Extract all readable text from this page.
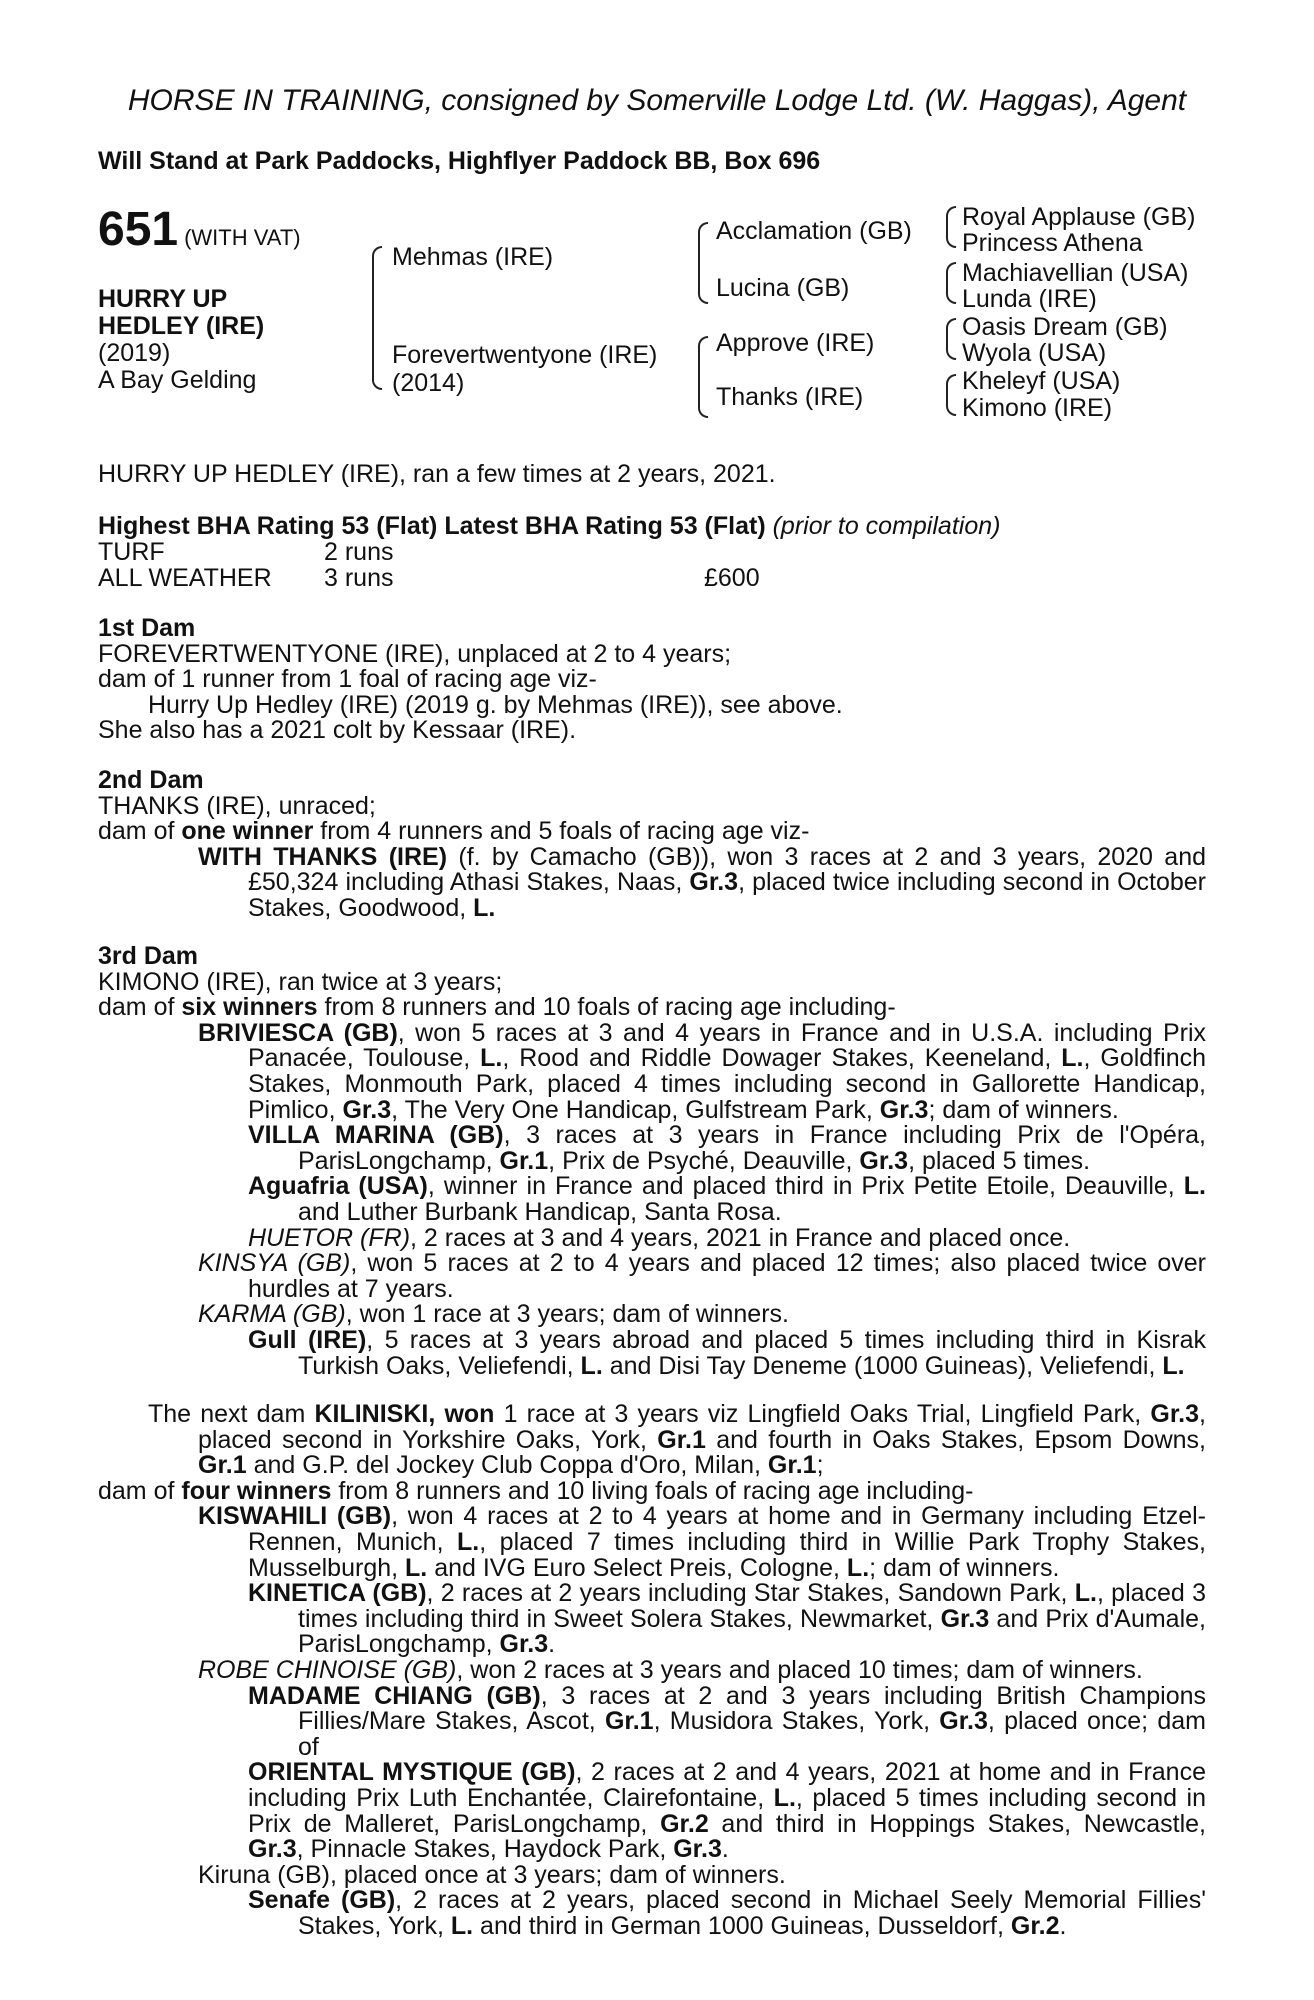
HORSE IN TRAINING, consigned by Somerville Lodge Ltd. (W. Haggas), Agent
Will Stand at Park Paddocks, Highflyer Paddock BB, Box 696
651 (WITH VAT)
HURRY UP
HEDLEY (IRE)
(2019)
A Bay Gelding
Mehmas (IRE)
Forevertwentyone (IRE)
(2014)
Acclamation (GB)
Lucina (GB)
Approve (IRE)
Thanks (IRE)
Royal Applause (GB)
Princess Athena
Machiavellian (USA)
Lunda (IRE)
Oasis Dream (GB)
Wyola (USA)
Kheleyf (USA)
Kimono (IRE)
HURRY UP HEDLEY (IRE), ran a few times at 2 years, 2021.
Highest BHA Rating 53 (Flat) Latest BHA Rating 53 (Flat) (prior to compilation)
TURF	2 runs
ALL WEATHER 3 runs	£600
1st Dam
FOREVERTWENTYONE (IRE), unplaced at 2 to 4 years;
dam of 1 runner from 1 foal of racing age viz-
Hurry Up Hedley (IRE) (2019 g. by Mehmas (IRE)), see above.
She also has a 2021 colt by Kessaar (IRE).
2nd Dam
THANKS (IRE), unraced;
dam of one winner from 4 runners and 5 foals of racing age viz-
WITH THANKS (IRE) (f. by Camacho (GB)), won 3 races at 2 and 3 years, 2020 and £50,324 including Athasi Stakes, Naas, Gr.3, placed twice including second in October Stakes, Goodwood, L.
3rd Dam
KIMONO (IRE), ran twice at 3 years;
dam of six winners from 8 runners and 10 foals of racing age including-
BRIVIESCA (GB), won 5 races at 3 and 4 years in France and in U.S.A. including Prix Panacée, Toulouse, L., Rood and Riddle Dowager Stakes, Keeneland, L., Goldfinch Stakes, Monmouth Park, placed 4 times including second in Gallorette Handicap, Pimlico, Gr.3, The Very One Handicap, Gulfstream Park, Gr.3; dam of winners.
VILLA MARINA (GB), 3 races at 3 years in France including Prix de l'Opéra, ParisLongchamp, Gr.1, Prix de Psyché, Deauville, Gr.3, placed 5 times.
Aguafria (USA), winner in France and placed third in Prix Petite Etoile, Deauville, L. and Luther Burbank Handicap, Santa Rosa.
HUETOR (FR), 2 races at 3 and 4 years, 2021 in France and placed once.
KINSYA (GB), won 5 races at 2 to 4 years and placed 12 times; also placed twice over hurdles at 7 years.
KARMA (GB), won 1 race at 3 years; dam of winners.
Gull (IRE), 5 races at 3 years abroad and placed 5 times including third in Kisrak Turkish Oaks, Veliefendi, L. and Disi Tay Deneme (1000 Guineas), Veliefendi, L.
The next dam KILINISKI, won 1 race at 3 years viz Lingfield Oaks Trial, Lingfield Park, Gr.3, placed second in Yorkshire Oaks, York, Gr.1 and fourth in Oaks Stakes, Epsom Downs, Gr.1 and G.P. del Jockey Club Coppa d'Oro, Milan, Gr.1;
dam of four winners from 8 runners and 10 living foals of racing age including-
KISWAHILI (GB), won 4 races at 2 to 4 years at home and in Germany including Etzel-Rennen, Munich, L., placed 7 times including third in Willie Park Trophy Stakes, Musselburgh, L. and IVG Euro Select Preis, Cologne, L.; dam of winners.
KINETICA (GB), 2 races at 2 years including Star Stakes, Sandown Park, L., placed 3 times including third in Sweet Solera Stakes, Newmarket, Gr.3 and Prix d'Aumale, ParisLongchamp, Gr.3.
ROBE CHINOISE (GB), won 2 races at 3 years and placed 10 times; dam of winners.
MADAME CHIANG (GB), 3 races at 2 and 3 years including British Champions Fillies/Mare Stakes, Ascot, Gr.1, Musidora Stakes, York, Gr.3, placed once; dam of
ORIENTAL MYSTIQUE (GB), 2 races at 2 and 4 years, 2021 at home and in France including Prix Luth Enchantée, Clairefontaine, L., placed 5 times including second in Prix de Malleret, ParisLongchamp, Gr.2 and third in Hoppings Stakes, Newcastle, Gr.3, Pinnacle Stakes, Haydock Park, Gr.3.
Kiruna (GB), placed once at 3 years; dam of winners.
Senafe (GB), 2 races at 2 years, placed second in Michael Seely Memorial Fillies' Stakes, York, L. and third in German 1000 Guineas, Dusseldorf, Gr.2.
